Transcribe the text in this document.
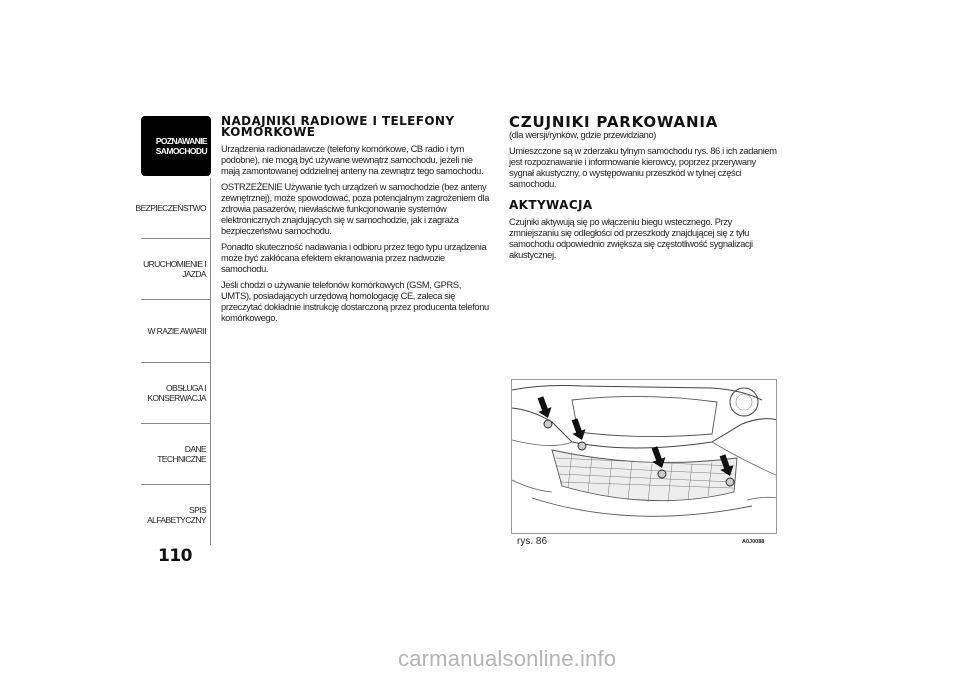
POZNAWANIE
SAMOCHODU
BEZPIECZEŃSTWO
URUCHOMIENIE I
JAZDA
W RAZIE AWARII
OBSŁUGA I
KONSERWACJA
DANE TECHNICZNE
SPIS ALFABETYCZNY
110
NADAJNIKI RADIOWE I TELEFONY KOMÓRKOWE

Urządzenia radionadawcze (telefony komórkowe, CB radio i tym podobne), nie mogą być używane wewnątrz samochodu, jeżeli nie mają zamontowanej oddzielnej anteny na zewnątrz tego samochodu.

OSTRZEŻENIE Używanie tych urządzeń w samochodzie (bez anteny zewnętrznej), może spowodować, poza potencjalnym zagrożeniem dla zdrowia pasażerów, niewłaściwe funkcjonowanie systemów elektronicznych znajdujących się w samochodzie, jak i zagraża bezpieczeństwu samochodu.

Ponadto skuteczność nadawania i odbioru przez tego typu urządzenia może być zakłócana efektem ekranowania przez nadwozie samochodu.

Jeśli chodzi o używanie telefonów komórkowych (GSM, GPRS, UMTS), posiadających urzędową homologację CE, zaleca się przeczytać dokładnie instrukcję dostarczoną przez producenta telefonu komórkowego.

CZUJNIKI PARKOWANIA

(dla wersji/rynków, gdzie przewidziano)

Umieszczone są w zderzaku tylnym samochodu rys. 86 i ich zadaniem jest rozpoznawanie i informowanie kierowcy, poprzez przerywany sygnał akustyczny, o występowaniu przeszkód w tylnej części samochodu.

AKTYWACJA

Czujniki aktywują się po włączeniu biegu wstecznego. Przy zmniejszaniu się odległości od przeszkody znajdującej się z tyłu samochodu odpowiednio zwiększa się częstotliwość sygnalizacji akustycznej.

rys. 86	A0J0088
carmanualsonline.info
